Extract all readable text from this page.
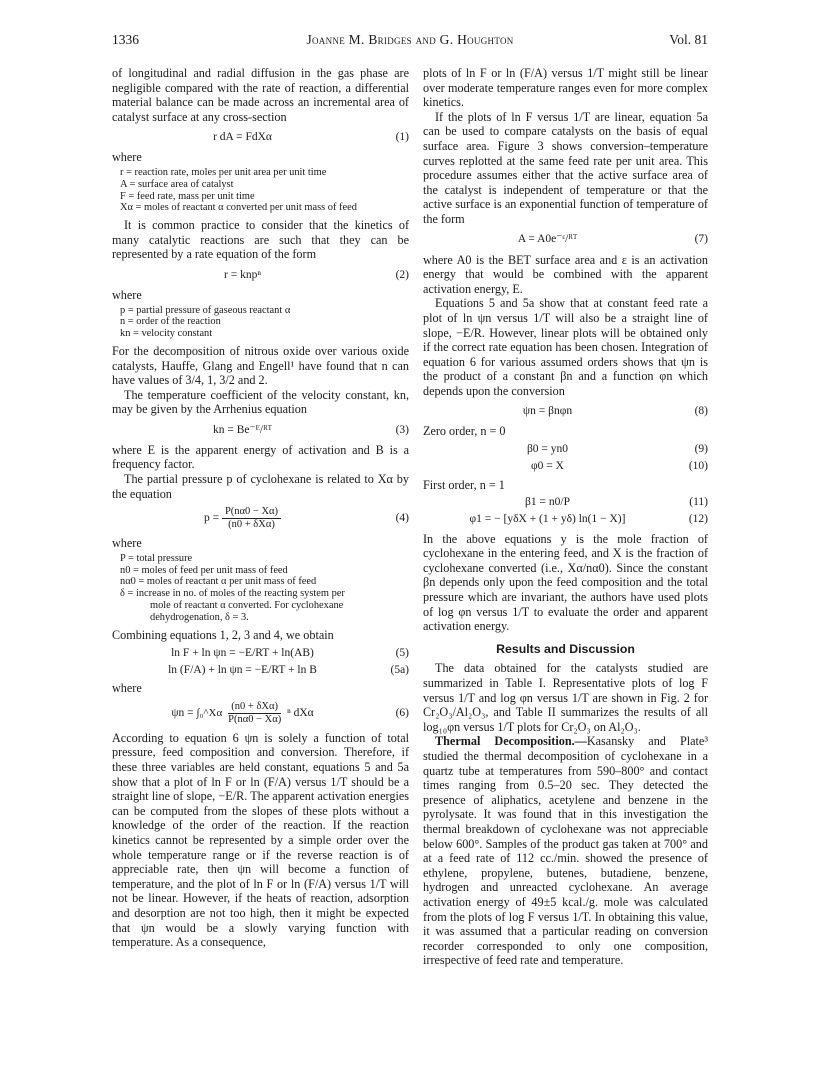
1336	Joanne M. Bridges and G. Houghton	Vol. 81

of longitudinal and radial diffusion in the gas phase are negligible compared with the rate of reaction, a differential material balance can be made across an incremental area of catalyst surface at any cross-section

r dA = FdXα	(1)
where
r = reaction rate, moles per unit area per unit time
A = surface area of catalyst
F = feed rate, mass per unit time
Xα = moles of reactant α converted per unit mass of feed

It is common practice to consider that the kinetics of many catalytic reactions are such that they can be represented by a rate equation of the form

r = knpⁿ	(2)
where
p = partial pressure of gaseous reactant α
n = order of the reaction
kn = velocity constant

For the decomposition of nitrous oxide over various oxide catalysts, Hauffe, Glang and Engell¹ have found that n can have values of 3/4, 1, 3/2 and 2.

The temperature coefficient of the velocity constant, kn, may be given by the Arrhenius equation

kn = Be⁻ᴱ/ᴿᵀ	(3)

where E is the apparent energy of activation and B is a frequency factor.

The partial pressure p of cyclohexane is related to Xα by the equation

$p = \frac{P(n\alpha 0 - X\alpha)}{\text{(n0 + δXα)}}$	(4)
where
P = total pressure
n0 = moles of feed per unit mass of feed
nα0 = moles of reactant α per unit mass of feed
δ = increase in no. of moles of the reacting system per
mole of reactant α converted. For cyclohexane
dehydrogenation, δ = 3.

Combining equations 1, 2, 3 and 4, we obtain

ln F + ln ψn = −E/RT + ln(AB)	(5)
ln (F/A) + ln ψn = −E/RT + ln B	(5a)
where
ψn = ∫₀^Xα $\frac{\text{(n0 + δXα)}}{P(n\alpha 0 - X\alpha)}$ ⁿ dXα	(6)

According to equation 6 ψn is solely a function of total pressure, feed composition and conversion. Therefore, if these three variables are held constant, equations 5 and 5a show that a plot of ln F or ln (F/A) versus 1/T should be a straight line of slope, −E/R. The apparent activation energies can be computed from the slopes of these plots without a knowledge of the order of the reaction. If the reaction kinetics cannot be represented by a simple order over the whole temperature range or if the reverse reaction is of appreciable rate, then ψn will become a function of temperature, and the plot of ln F or ln (F/A) versus 1/T will not be linear. However, if the heats of reaction, adsorption and desorption are not too high, then it might be expected that ψn would be a slowly varying function with temperature. As a consequence,

plots of ln F or ln (F/A) versus 1/T might still be linear over moderate temperature ranges even for more complex kinetics.

If the plots of ln F versus 1/T are linear, equation 5a can be used to compare catalysts on the basis of equal surface area. Figure 3 shows conversion–temperature curves replotted at the same feed rate per unit area. This procedure assumes either that the active surface area of the catalyst is independent of temperature or that the active surface is an exponential function of temperature of the form

A = A0e⁻ᵋ/ᴿᵀ	(7)

where A0 is the BET surface area and ε is an activation energy that would be combined with the apparent activation energy, E.

Equations 5 and 5a show that at constant feed rate a plot of ln ψn versus 1/T will also be a straight line of slope, −E/R. However, linear plots will be obtained only if the correct rate equation has been chosen. Integration of equation 6 for various assumed orders shows that ψn is the product of a constant βn and a function φn which depends upon the conversion

ψn = βnφn	(8)
Zero order, n = 0
β0 = yn0	(9)
φ0 = X	(10)
First order, n = 1
β1 = n0/P	(11)
φ1 = − [yδX + (1 + yδ) ln(1 − X)]	(12)

In the above equations y is the mole fraction of cyclohexane in the entering feed, and X is the fraction of cyclohexane converted (i.e., Xα/nα0). Since the constant βn depends only upon the feed composition and the total pressure which are invariant, the authors have used plots of log φn versus 1/T to evaluate the order and apparent activation energy.

Results and Discussion

The data obtained for the catalysts studied are summarized in Table I. Representative plots of log F versus 1/T and log φn versus 1/T are shown in Fig. 2 for Cr₂O₃/Al₂O₃, and Table II summarizes the results of all log₁₀φn versus 1/T plots for Cr₂O₃ on Al₂O₃.

Thermal Decomposition.—Kasansky and Plate³ studied the thermal decomposition of cyclohexane in a quartz tube at temperatures from 590–800° and contact times ranging from 0.5–20 sec. They detected the presence of aliphatics, acetylene and benzene in the pyrolysate. It was found that in this investigation the thermal breakdown of cyclohexane was not appreciable below 600°. Samples of the product gas taken at 700° and at a feed rate of 112 cc./min. showed the presence of ethylene, propylene, butenes, butadiene, benzene, hydrogen and unreacted cyclohexane. An average activation energy of 49±5 kcal./g. mole was calculated from the plots of log F versus 1/T. In obtaining this value, it was assumed that a particular reading on conversion recorder corresponded to only one composition, irrespective of feed rate and temperature.
